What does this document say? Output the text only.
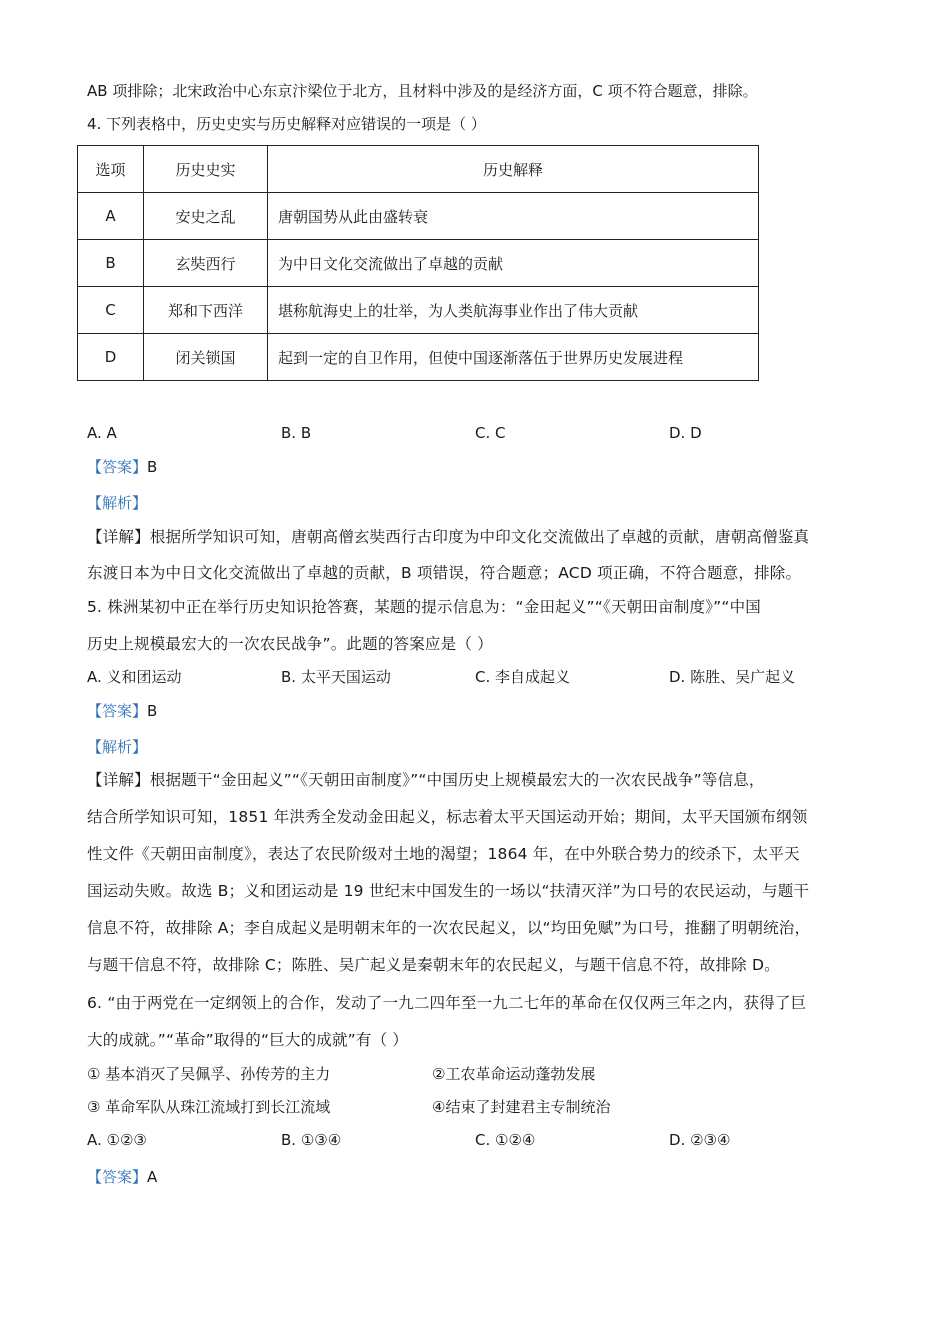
AB 项排除；北宋政治中心东京汴梁位于北方，且材料中涉及的是经济方面，C 项不符合题意，排除。
4. 下列表格中，历史史实与历史解释对应错误的一项是（ ）
选项	历史史实	历史解释
A	安史之乱	唐朝国势从此由盛转衰
B	玄奘西行	为中日文化交流做出了卓越的贡献
C	郑和下西洋	堪称航海史上的壮举，为人类航海事业作出了伟大贡献
D	闭关锁国	起到一定的自卫作用，但使中国逐渐落伍于世界历史发展进程
A. A	B. B	C. C	D. D
【答案】B
【解析】
【详解】根据所学知识可知，唐朝高僧玄奘西行古印度为中印文化交流做出了卓越的贡献，唐朝高僧鉴真
东渡日本为中日文化交流做出了卓越的贡献，B 项错误，符合题意；ACD 项正确，不符合题意，排除。
5. 株洲某初中正在举行历史知识抢答赛，某题的提示信息为：“金田起义”“《天朝田亩制度》”“中国
历史上规模最宏大的一次农民战争”。此题的答案应是（ ）
A. 义和团运动	B. 太平天国运动	C. 李自成起义	D. 陈胜、吴广起义
【答案】B
【解析】
【详解】根据题干“金田起义”“《天朝田亩制度》”“中国历史上规模最宏大的一次农民战争”等信息，
结合所学知识可知，1851 年洪秀全发动金田起义，标志着太平天国运动开始；期间，太平天国颁布纲领
性文件《天朝田亩制度》，表达了农民阶级对土地的渴望；1864 年，在中外联合势力的绞杀下，太平天
国运动失败。故选 B；义和团运动是 19 世纪末中国发生的一场以“扶清灭洋”为口号的农民运动，与题干
信息不符，故排除 A；李自成起义是明朝末年的一次农民起义，以“均田免赋”为口号，推翻了明朝统治，
与题干信息不符，故排除 C；陈胜、吴广起义是秦朝末年的农民起义，与题干信息不符，故排除 D。
6. “由于两党在一定纲领上的合作，发动了一九二四年至一九二七年的革命在仅仅两三年之内，获得了巨
大的成就。”“革命”取得的“巨大的成就”有（ ）
① 基本消灭了吴佩孚、孙传芳的主力	②工农革命运动蓬勃发展
③ 革命军队从珠江流域打到长江流域	④结束了封建君主专制统治
A. ①②③	B. ①③④	C. ①②④	D. ②③④
【答案】A
